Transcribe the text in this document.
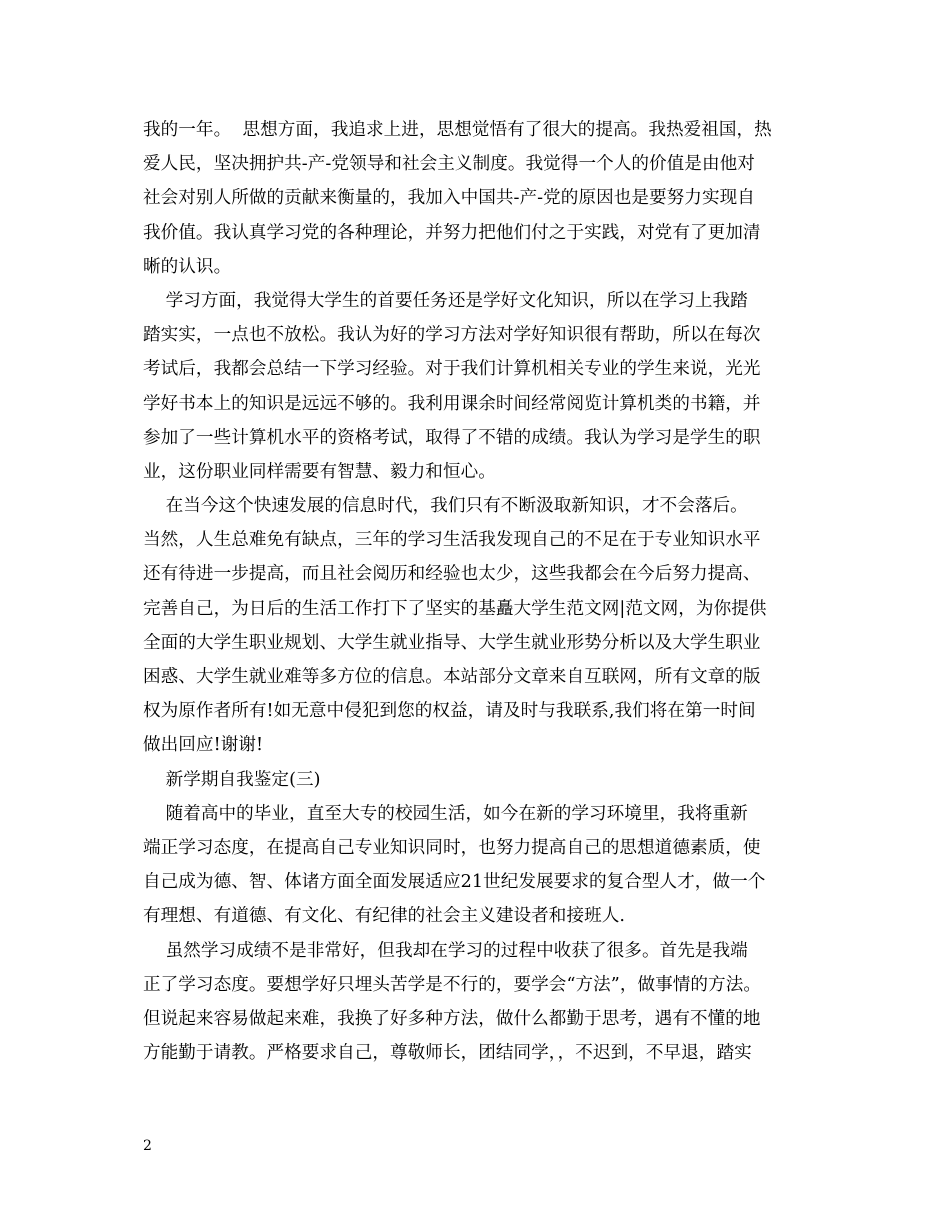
我的一年。  思想方面，我追求上进，思想觉悟有了很大的提高。我热爱祖国，热
爱人民，坚决拥护共-产-党领导和社会主义制度。我觉得一个人的价值是由他对
社会对别人所做的贡献来衡量的，我加入中国共-产-党的原因也是要努力实现自
我价值。我认真学习党的各种理论，并努力把他们付之于实践，对党有了更加清
晰的认识。
学习方面，我觉得大学生的首要任务还是学好文化知识，所以在学习上我踏
踏实实，一点也不放松。我认为好的学习方法对学好知识很有帮助，所以在每次
考试后，我都会总结一下学习经验。对于我们计算机相关专业的学生来说，光光
学好书本上的知识是远远不够的。我利用课余时间经常阅览计算机类的书籍，并
参加了一些计算机水平的资格考试，取得了不错的成绩。我认为学习是学生的职
业，这份职业同样需要有智慧、毅力和恒心。
在当今这个快速发展的信息时代，我们只有不断汲取新知识，才不会落后。
当然，人生总难免有缺点，三年的学习生活我发现自己的不足在于专业知识水平
还有待进一步提高，而且社会阅历和经验也太少，这些我都会在今后努力提高、
完善自己，为日后的生活工作打下了坚实的基矗大学生范文网|范文网，为你提供
全面的大学生职业规划、大学生就业指导、大学生就业形势分析以及大学生职业
困惑、大学生就业难等多方位的信息。本站部分文章来自互联网，所有文章的版
权为原作者所有!如无意中侵犯到您的权益，请及时与我联系,我们将在第一时间
做出回应!谢谢!
新学期自我鉴定(三)
随着高中的毕业，直至大专的校园生活，如今在新的学习环境里，我将重新
端正学习态度，在提高自己专业知识同时，也努力提高自己的思想道德素质，使
自己成为德、智、体诸方面全面发展适应21世纪发展要求的复合型人才，做一个
有理想、有道德、有文化、有纪律的社会主义建设者和接班人.
虽然学习成绩不是非常好，但我却在学习的过程中收获了很多。首先是我端
正了学习态度。要想学好只埋头苦学是不行的，要学会“方法”，做事情的方法。
但说起来容易做起来难，我换了好多种方法，做什么都勤于思考，遇有不懂的地
方能勤于请教。严格要求自己，尊敬师长，团结同学，，不迟到，不早退，踏实
2
